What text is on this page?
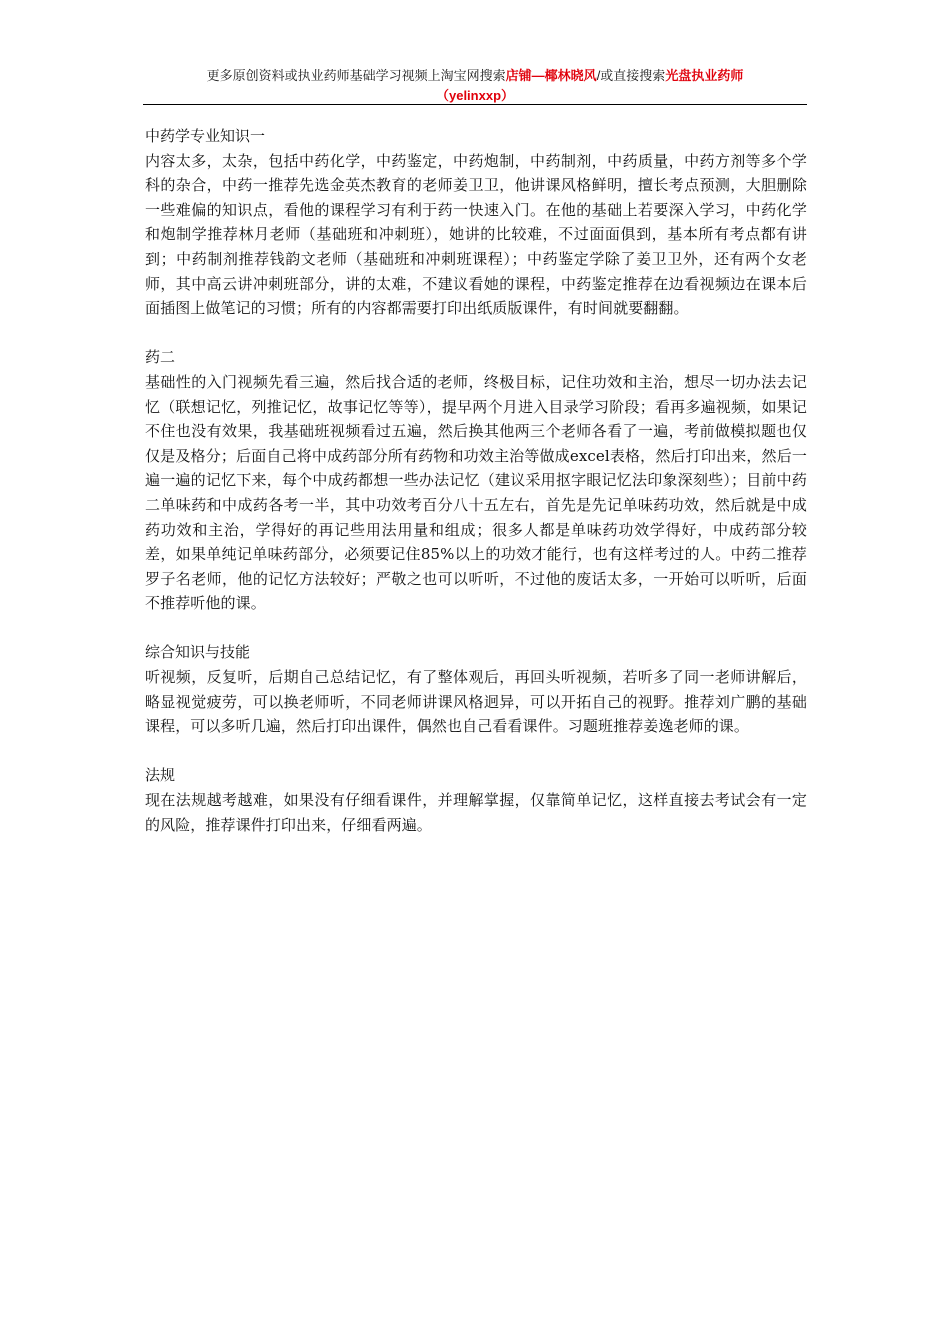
更多原创资料或执业药师基础学习视频上淘宝网搜索店铺—椰林晓风/或直接搜索光盘执业药师
（yelinxxp）
中药学专业知识一

内容太多，太杂，包括中药化学，中药鉴定，中药炮制，中药制剂，中药质量，中药方剂等多个学科的杂合，中药一推荐先选金英杰教育的老师姜卫卫，他讲课风格鲜明，擅长考点预测，大胆删除一些难偏的知识点，看他的课程学习有利于药一快速入门。在他的基础上若要深入学习，中药化学和炮制学推荐林月老师（基础班和冲刺班），她讲的比较难，不过面面俱到，基本所有考点都有讲到；中药制剂推荐钱韵文老师（基础班和冲刺班课程）；中药鉴定学除了姜卫卫外，还有两个女老师，其中高云讲冲刺班部分，讲的太难，不建议看她的课程，中药鉴定推荐在边看视频边在课本后面插图上做笔记的习惯；所有的内容都需要打印出纸质版课件，有时间就要翻翻。

药二

基础性的入门视频先看三遍，然后找合适的老师，终极目标，记住功效和主治，想尽一切办法去记忆（联想记忆，列推记忆，故事记忆等等），提早两个月进入目录学习阶段；看再多遍视频，如果记不住也没有效果，我基础班视频看过五遍，然后换其他两三个老师各看了一遍，考前做模拟题也仅仅是及格分；后面自己将中成药部分所有药物和功效主治等做成excel表格，然后打印出来，然后一遍一遍的记忆下来，每个中成药都想一些办法记忆（建议采用抠字眼记忆法印象深刻些）；目前中药二单味药和中成药各考一半，其中功效考百分八十五左右，首先是先记单味药功效，然后就是中成药功效和主治，学得好的再记些用法用量和组成；很多人都是单味药功效学得好，中成药部分较差，如果单纯记单味药部分，必须要记住85%以上的功效才能行，也有这样考过的人。中药二推荐罗子名老师，他的记忆方法较好；严敬之也可以听听，不过他的废话太多，一开始可以听听，后面不推荐听他的课。

综合知识与技能

听视频，反复听，后期自己总结记忆，有了整体观后，再回头听视频，若听多了同一老师讲解后，略显视觉疲劳，可以换老师听，不同老师讲课风格迥异，可以开拓自己的视野。推荐刘广鹏的基础课程，可以多听几遍，然后打印出课件，偶然也自己看看课件。习题班推荐姜逸老师的课。

法规

现在法规越考越难，如果没有仔细看课件，并理解掌握，仅靠简单记忆，这样直接去考试会有一定的风险，推荐课件打印出来，仔细看两遍。
